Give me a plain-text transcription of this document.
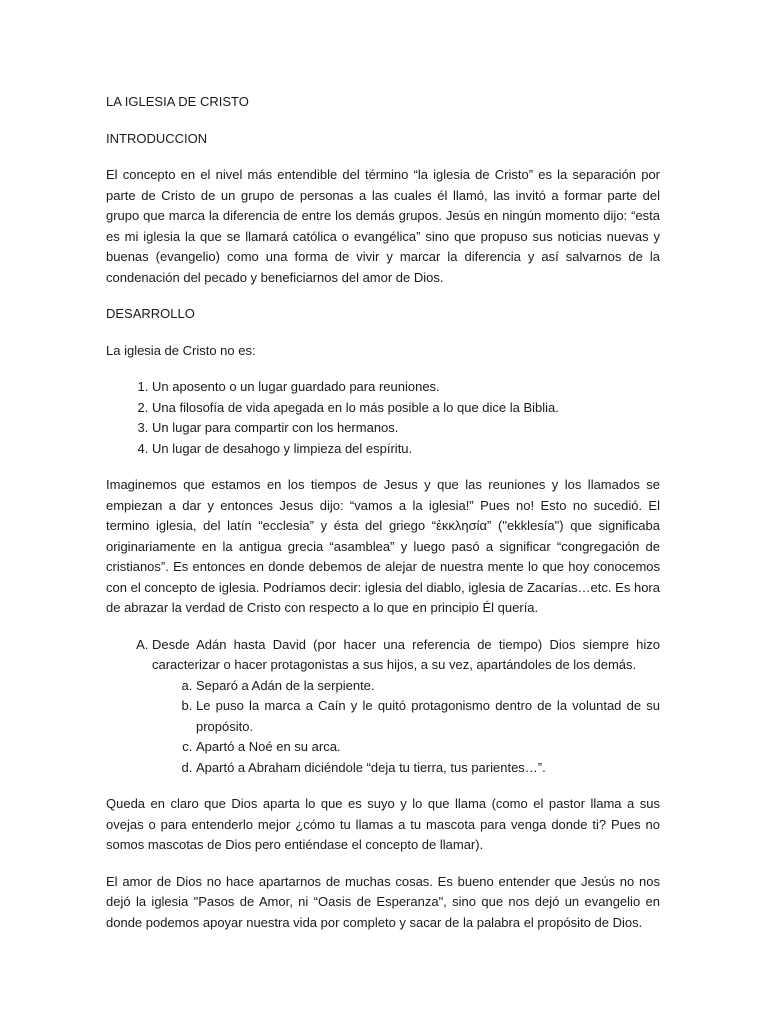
LA IGLESIA DE CRISTO
INTRODUCCION

El concepto en el nivel más entendible del término “la iglesia de Cristo” es la separación por parte de Cristo de un grupo de personas a las cuales él llamó, las invitó a formar parte del grupo que marca la diferencia de entre los demás grupos. Jesús en ningún momento dijo: “esta es mi iglesia la que se llamará católica o evangélica” sino que propuso sus noticias nuevas y buenas (evangelio) como una forma de vivir y marcar la diferencia y así salvarnos de la condenación del pecado y beneficiarnos del amor de Dios.

DESARROLLO
La iglesia de Cristo no es:
1. Un aposento o un lugar guardado para reuniones.
2. Una filosofía de vida apegada en lo más posible a lo que dice la Biblia.
3. Un lugar para compartir con los hermanos.
4. Un lugar de desahogo y limpieza del espíritu.

Imaginemos que estamos en los tiempos de Jesus y que las reuniones y los llamados se empiezan a dar y entonces Jesus dijo: “vamos a la iglesia!” Pues no! Esto no sucedió. El termino iglesia, del latín “ecclesia” y ésta del griego “ἐκκλησία” ("ekklesía") que significaba originariamente en la antigua grecia “asamblea” y luego pasó a significar “congregación de cristianos”. Es entonces en donde debemos de alejar de nuestra mente lo que hoy conocemos con el concepto de iglesia. Podríamos decir: iglesia del diablo, iglesia de Zacarías…etc. Es hora de abrazar la verdad de Cristo con respecto a lo que en principio Él quería.

A. Desde Adán hasta David (por hacer una referencia de tiempo) Dios siempre hizo caracterizar o hacer protagonistas a sus hijos, a su vez, apartándoles de los demás.
a. Separó a Adán de la serpiente.
b. Le puso la marca a Caín y le quitó protagonismo dentro de la voluntad de su propósito.
c. Apartó a Noé en su arca.
d. Apartó a Abraham diciéndole “deja tu tierra, tus parientes…”.

Queda en claro que Dios aparta lo que es suyo y lo que llama (como el pastor llama a sus ovejas o para entenderlo mejor ¿cómo tu llamas a tu mascota para venga donde ti? Pues no somos mascotas de Dios pero entiéndase el concepto de llamar).

El amor de Dios no hace apartarnos de muchas cosas. Es bueno entender que Jesús no nos dejó la iglesia "Pasos de Amor, ni “Oasis de Esperanza", sino que nos dejó un evangelio en donde podemos apoyar nuestra vida por completo y sacar de la palabra el propósito de Dios.
